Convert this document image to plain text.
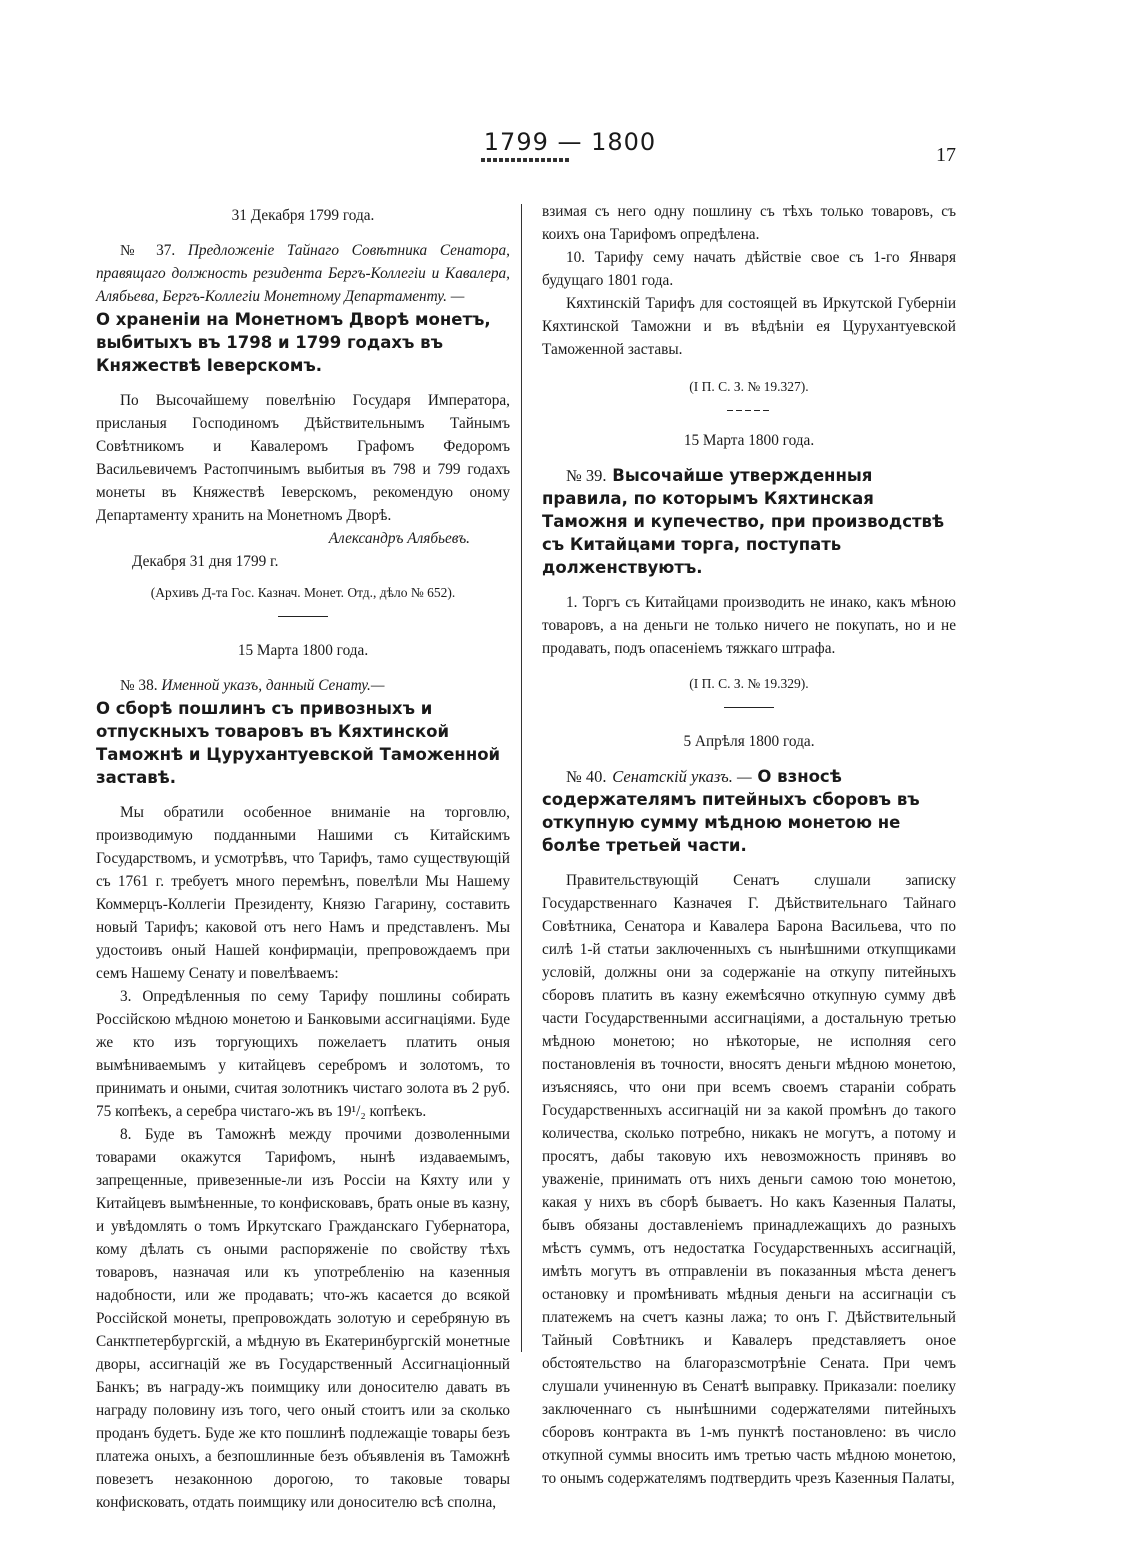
1799 — 1800	17

31 Декабря 1799 года.

№ 37. Предложенiе Тайнаго Совѣтника Сенатора, правящаго должность резидента Бергъ-Коллегiи и Кавалера, Алябьева, Бергъ-Коллегiи Монетному Департаменту. —

О храненiи на Монетномъ Дворѣ монетъ, выбитыхъ въ 1798 и 1799 годахъ въ Княжествѣ Iеверскомъ.

По Высочайшему повелѣнiю Государя Императора, присланыя Господиномъ Дѣйствительнымъ Тайнымъ Совѣтникомъ и Кавалеромъ Графомъ Федоромъ Васильевичемъ Растопчинымъ выбитыя въ 798 и 799 годахъ монеты въ Княжествѣ Iеверскомъ, рекомендую оному Департаменту хранить на Монетномъ Дворѣ.

Александръ Алябьевъ.

Декабря 31 дня 1799 г.

(Архивъ Д-та Гос. Казнач. Монет. Отд., дѣло № 652).

15 Марта 1800 года.

№ 38. Именной указъ, данный Сенату.—

О сборѣ пошлинъ съ привозныхъ и отпускныхъ товаровъ въ Кяхтинской Таможнѣ и Цурухантуевской Таможенной заставѣ.

Мы обратили особенное вниманiе на торговлю, производимую подданными Нашими съ Китайскимъ Государствомъ, и усмотрѣвъ, что Тарифъ, тамо существующiй съ 1761 г. требуетъ много перемѣнъ, повелѣли Мы Нашему Коммерцъ-Коллегiи Президенту, Князю Гагарину, составить новый Тарифъ; каковой отъ него Намъ и представленъ. Мы удостоивъ оный Нашей конфирмацiи, препровождаемъ при семъ Нашему Сенату и повелѣваемъ:

3. Опредѣленныя по сему Тарифу пошлины собирать Россiйскою мѣдною монетою и Банковыми ассигнацiями. Буде же кто изъ торгующихъ пожелаетъ платить оныя вымѣниваемымъ у китайцевъ серебромъ и золотомъ, то принимать и оными, считая золотникъ чистаго золота въ 2 руб. 75 копѣекъ, а серебра чистаго-жъ въ 19¹/₂ копѣекъ.

8. Буде въ Таможнѣ между прочими дозволенными товарами окажутся Тарифомъ, нынѣ издаваемымъ, запрещенные, привезенные-ли изъ Россiи на Кяхту или у Китайцевъ вымѣненные, то конфисковавъ, брать оные въ казну, и увѣдомлять о томъ Иркутскаго Гражданскаго Губернатора, кому дѣлать съ оными распоряженiе по свойству тѣхъ товаровъ, назначая или къ употребленiю на казенныя надобности, или же продавать; что-жъ касается до всякой Россiйской монеты, препровождать золотую и серебряную въ Санктпетербургскiй, а мѣдную въ Екатеринбургскiй монетные дворы, ассигнацiй же въ Государственный Ассигнацiонный Банкъ; въ награду-жъ поимщику или доносителю давать въ награду половину изъ того, чего оный стоитъ или за сколько проданъ будетъ. Буде же кто пошлинѣ подлежащiе товары безъ платежа оныхъ, а безпошлинные безъ объявленiя въ Таможнѣ повезетъ незаконною дорогою, то таковые товары конфисковать, отдать поимщику или доносителю всѣ сполна,

взимая съ него одну пошлину съ тѣхъ только товаровъ, съ коихъ она Тарифомъ опредѣлена.

10. Тарифу сему начать дѣйствiе свое съ 1-го Января будущаго 1801 года.

Кяхтинскiй Тарифъ для состоящей въ Иркутской Губернiи Кяхтинской Таможни и въ вѣдѣнiи ея Цурухантуевской Таможенной заставы.

(I П. С. З. № 19.327).

15 Марта 1800 года.

№ 39. Высочайше утвержденныя правила, по которымъ Кяхтинская Таможня и купечество, при производствѣ съ Китайцами торга, поступать долженствуютъ.

1. Торгъ съ Китайцами производить не инако, какъ мѣною товаровъ, а на деньги не только ничего не покупать, но и не продавать, подъ опасенiемъ тяжкаго штрафа.

(I П. С. З. № 19.329).

5 Апрѣля 1800 года.

№ 40. Сенатскiй указъ. — О взносѣ содержателямъ питейныхъ сборовъ въ откупную сумму мѣдною монетою не болѣе третьей части.

Правительствующiй Сенатъ слушали записку Государственнаго Казначея Г. Дѣйствительнаго Тайнаго Совѣтника, Сенатора и Кавалера Барона Васильева, что по силѣ 1-й статьи заключенныхъ съ нынѣшними откупщиками условiй, должны они за содержанiе на откупу питейныхъ сборовъ платить въ казну ежемѣсячно откупную сумму двѣ части Государственными ассигнацiями, а достальную третью мѣдною монетою; но нѣкоторые, не исполняя сего постановленiя въ точности, вносятъ деньги мѣдною монетою, изъясняясь, что они при всемъ своемъ старанiи собрать Государственныхъ ассигнацiй ни за какой промѣнъ до такого количества, сколько потребно, никакъ не могутъ, а потому и просятъ, дабы таковую ихъ невозможность принявъ во уваженiе, принимать отъ нихъ деньги самою тою монетою, какая у нихъ въ сборѣ бываетъ. Но какъ Казенныя Палаты, бывъ обязаны доставленiемъ принадлежащихъ до разныхъ мѣстъ суммъ, отъ недостатка Государственныхъ ассигнацiй, имѣть могутъ въ отправленiи въ показанныя мѣста денегъ остановку и промѣнивать мѣдныя деньги на ассигнацiи съ платежемъ на счетъ казны лажа; то онъ Г. Дѣйствительный Тайный Совѣтникъ и Кавалеръ представляетъ оное обстоятельство на благоразсмотрѣнiе Сената. При чемъ слушали учиненную въ Сенатѣ выправку. Приказали: поелику заключеннаго съ нынѣшними содержателями питейныхъ сборовъ контракта въ 1-мъ пунктѣ постановлено: въ число откупной суммы вносить имъ третью часть мѣдною монетою, то онымъ содержателямъ подтвердить чрезъ Казенныя Палаты,
